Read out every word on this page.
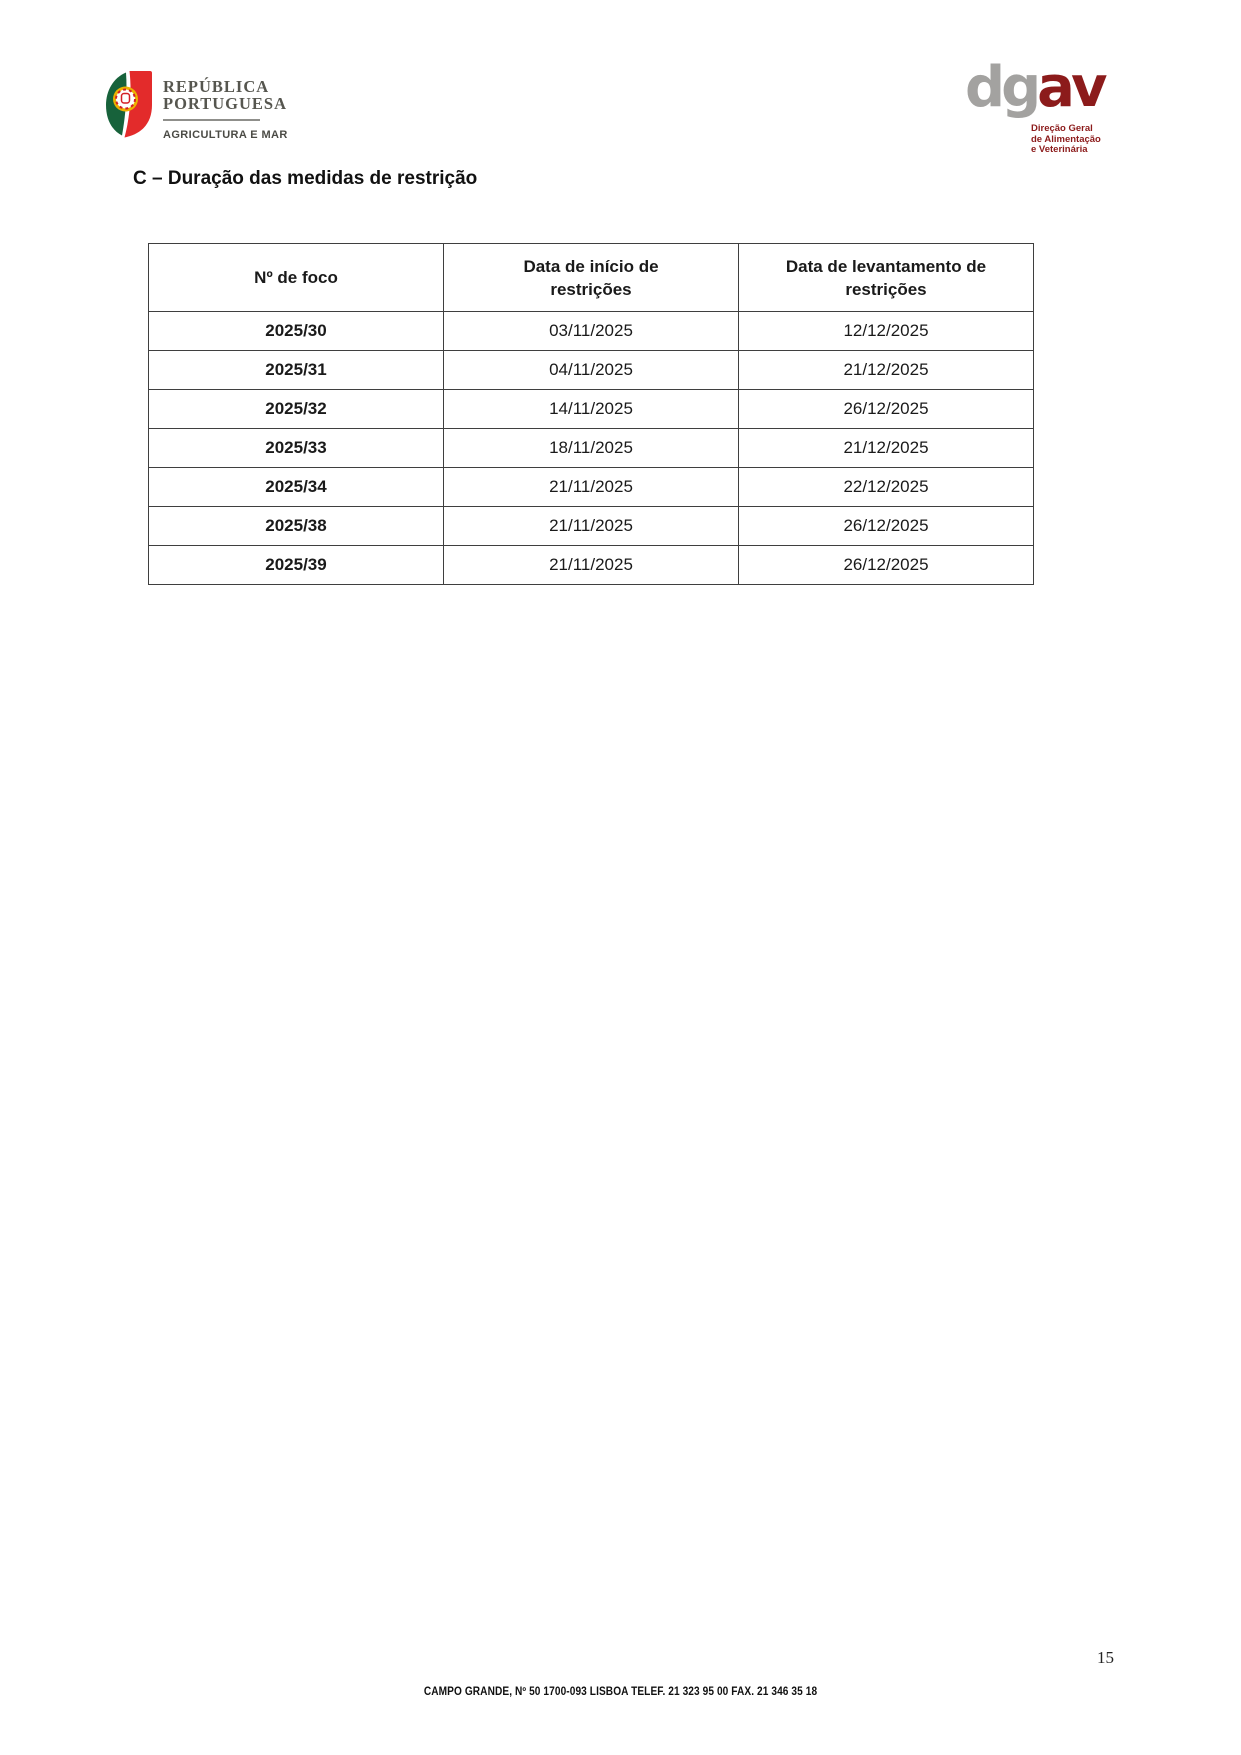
REPÚBLICA
PORTUGUESA
AGRICULTURA E MAR
dgav
Direção Geral
de Alimentação
e Veterinária
C – Duração das medidas de restrição
Nº de foco	Data de início de restrições	Data de levantamento de restrições
2025/30	03/11/2025	12/12/2025
2025/31	04/11/2025	21/12/2025
2025/32	14/11/2025	26/12/2025
2025/33	18/11/2025	21/12/2025
2025/34	21/11/2025	22/12/2025
2025/38	21/11/2025	26/12/2025
2025/39	21/11/2025	26/12/2025
CAMPO GRANDE, Nº 50 1700-093 LISBOA TELEF. 21 323 95 00 FAX. 21 346 35 18
15
